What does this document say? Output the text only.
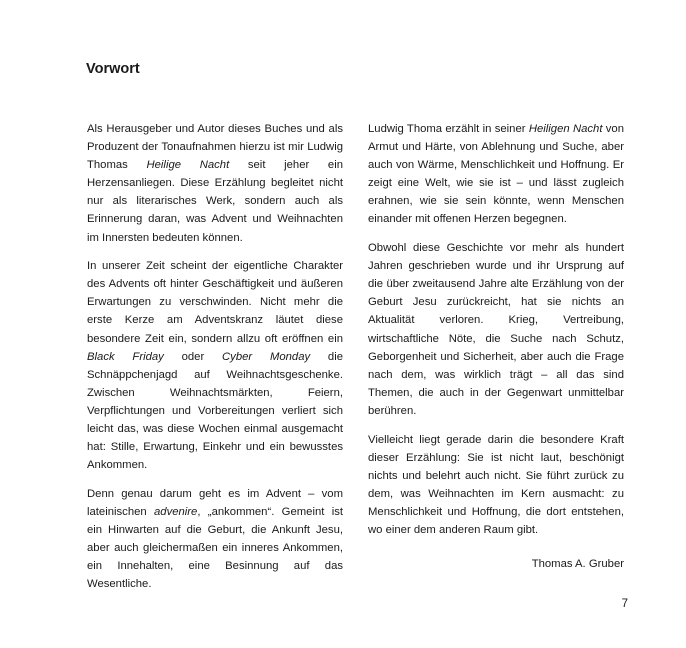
Vorwort

Als Herausgeber und Autor dieses Buches und als Produzent der Tonaufnahmen hierzu ist mir Ludwig Thomas Heilige Nacht seit jeher ein Herzensanliegen. Diese Erzählung begleitet nicht nur als literarisches Werk, sondern auch als Erinnerung daran, was Advent und Weihnachten im Innersten bedeuten können.

In unserer Zeit scheint der eigentliche Charakter des Advents oft hinter Geschäftigkeit und äußeren Erwartungen zu verschwinden. Nicht mehr die erste Kerze am Adventskranz läutet diese besondere Zeit ein, sondern allzu oft eröffnen ein Black Friday oder Cyber Monday die Schnäppchenjagd auf Weihnachtsgeschenke. Zwischen Weihnachtsmärkten, Feiern, Verpflichtungen und Vorbereitungen verliert sich leicht das, was diese Wochen einmal ausgemacht hat: Stille, Erwartung, Einkehr und ein bewusstes Ankommen.

Denn genau darum geht es im Advent – vom lateinischen advenire, „ankommen“. Gemeint ist ein Hinwarten auf die Geburt, die Ankunft Jesu, aber auch gleichermaßen ein inneres Ankommen, ein Innehalten, eine Besinnung auf das Wesentliche.

Ludwig Thoma erzählt in seiner Heiligen Nacht von Armut und Härte, von Ablehnung und Suche, aber auch von Wärme, Menschlichkeit und Hoffnung. Er zeigt eine Welt, wie sie ist – und lässt zugleich erahnen, wie sie sein könnte, wenn Menschen einander mit offenen Herzen begegnen.

Obwohl diese Geschichte vor mehr als hundert Jahren geschrieben wurde und ihr Ursprung auf die über zweitausend Jahre alte Erzählung von der Geburt Jesu zurückreicht, hat sie nichts an Aktualität verloren. Krieg, Vertreibung, wirtschaftliche Nöte, die Suche nach Schutz, Geborgenheit und Sicherheit, aber auch die Frage nach dem, was wirklich trägt – all das sind Themen, die auch in der Gegenwart unmittelbar berühren.

Vielleicht liegt gerade darin die besondere Kraft dieser Erzählung: Sie ist nicht laut, beschönigt nichts und belehrt auch nicht. Sie führt zurück zu dem, was Weihnachten im Kern ausmacht: zu Menschlichkeit und Hoffnung, die dort entstehen, wo einer dem anderen Raum gibt.

Thomas A. Gruber

7
